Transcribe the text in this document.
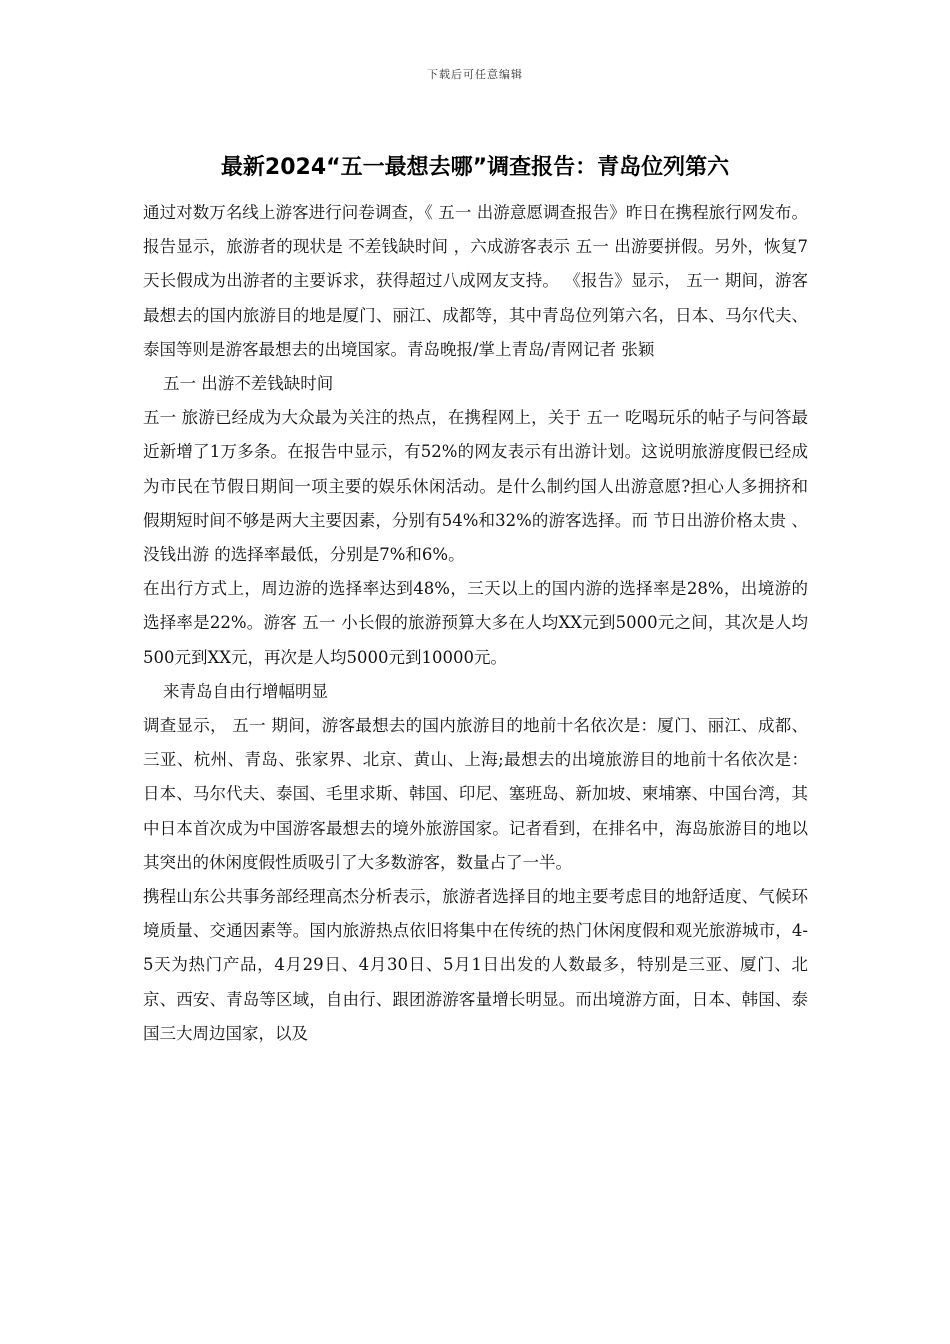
下载后可任意编辑
最新2024“五一最想去哪”调查报告：青岛位列第六

通过对数万名线上游客进行问卷调查，《 五一 出游意愿调查报告》昨日在携程旅行网发布。报告显示，旅游者的现状是 不差钱缺时间 ，六成游客表示 五一 出游要拼假。另外，恢复7天长假成为出游者的主要诉求，获得超过八成网友支持。 《报告》显示， 五一 期间，游客最想去的国内旅游目的地是厦门、丽江、成都等，其中青岛位列第六名，日本、马尔代夫、泰国等则是游客最想去的出境国家。青岛晚报/掌上青岛/青网记者 张颖

五一 出游不差钱缺时间

五一 旅游已经成为大众最为关注的热点，在携程网上，关于 五一 吃喝玩乐的帖子与问答最近新增了1万多条。在报告中显示，有52%的网友表示有出游计划。这说明旅游度假已经成为市民在节假日期间一项主要的娱乐休闲活动。是什么制约国人出游意愿?担心人多拥挤和假期短时间不够是两大主要因素，分别有54%和32%的游客选择。而 节日出游价格太贵 、 没钱出游 的选择率最低，分别是7%和6%。

在出行方式上，周边游的选择率达到48%，三天以上的国内游的选择率是28%，出境游的选择率是22%。游客 五一 小长假的旅游预算大多在人均XX元到5000元之间，其次是人均500元到XX元，再次是人均5000元到10000元。

来青岛自由行增幅明显

调查显示， 五一 期间，游客最想去的国内旅游目的地前十名依次是：厦门、丽江、成都、三亚、杭州、青岛、张家界、北京、黄山、上海;最想去的出境旅游目的地前十名依次是：日本、马尔代夫、泰国、毛里求斯、韩国、印尼、塞班岛、新加坡、柬埔寨、中国台湾，其中日本首次成为中国游客最想去的境外旅游国家。记者看到，在排名中，海岛旅游目的地以其突出的休闲度假性质吸引了大多数游客，数量占了一半。

携程山东公共事务部经理高杰分析表示，旅游者选择目的地主要考虑目的地舒适度、气候环境质量、交通因素等。国内旅游热点依旧将集中在传统的热门休闲度假和观光旅游城市，4-5天为热门产品，4月29日、4月30日、5月1日出发的人数最多，特别是三亚、厦门、北京、西安、青岛等区域，自由行、跟团游游客量增长明显。而出境游方面，日本、韩国、泰国三大周边国家，以及
